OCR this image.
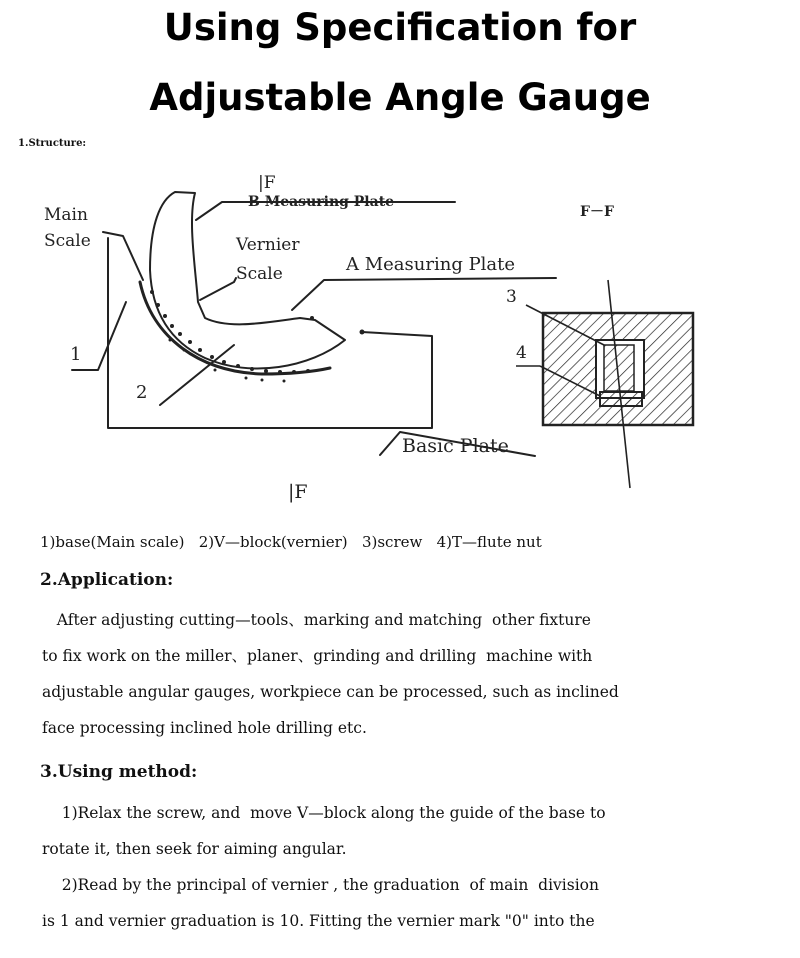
Using Specification for
Adjustable Angle Gauge
1.Structure:
|F
B Measuring Plate
F－F
Main
Scale	Vernier
Scale	A Measuring Plate
3
4
1
2
Basic Plate
|F
1)base(Main scale)   2)V—block(vernier)   3)screw   4)T—flute nut
2.Application:
After adjusting cutting—tools、marking and matching  other fixture
to fix work on the miller、planer、grinding and drilling  machine with
adjustable angular gauges, workpiece can be processed, such as inclined
face processing inclined hole drilling etc.
3.Using method:
1)Relax the screw, and  move V—block along the guide of the base to
rotate it, then seek for aiming angular.
2)Read by the principal of vernier , the graduation  of main  division
is 1 and vernier graduation is 10. Fitting the vernier mark "0" into the
